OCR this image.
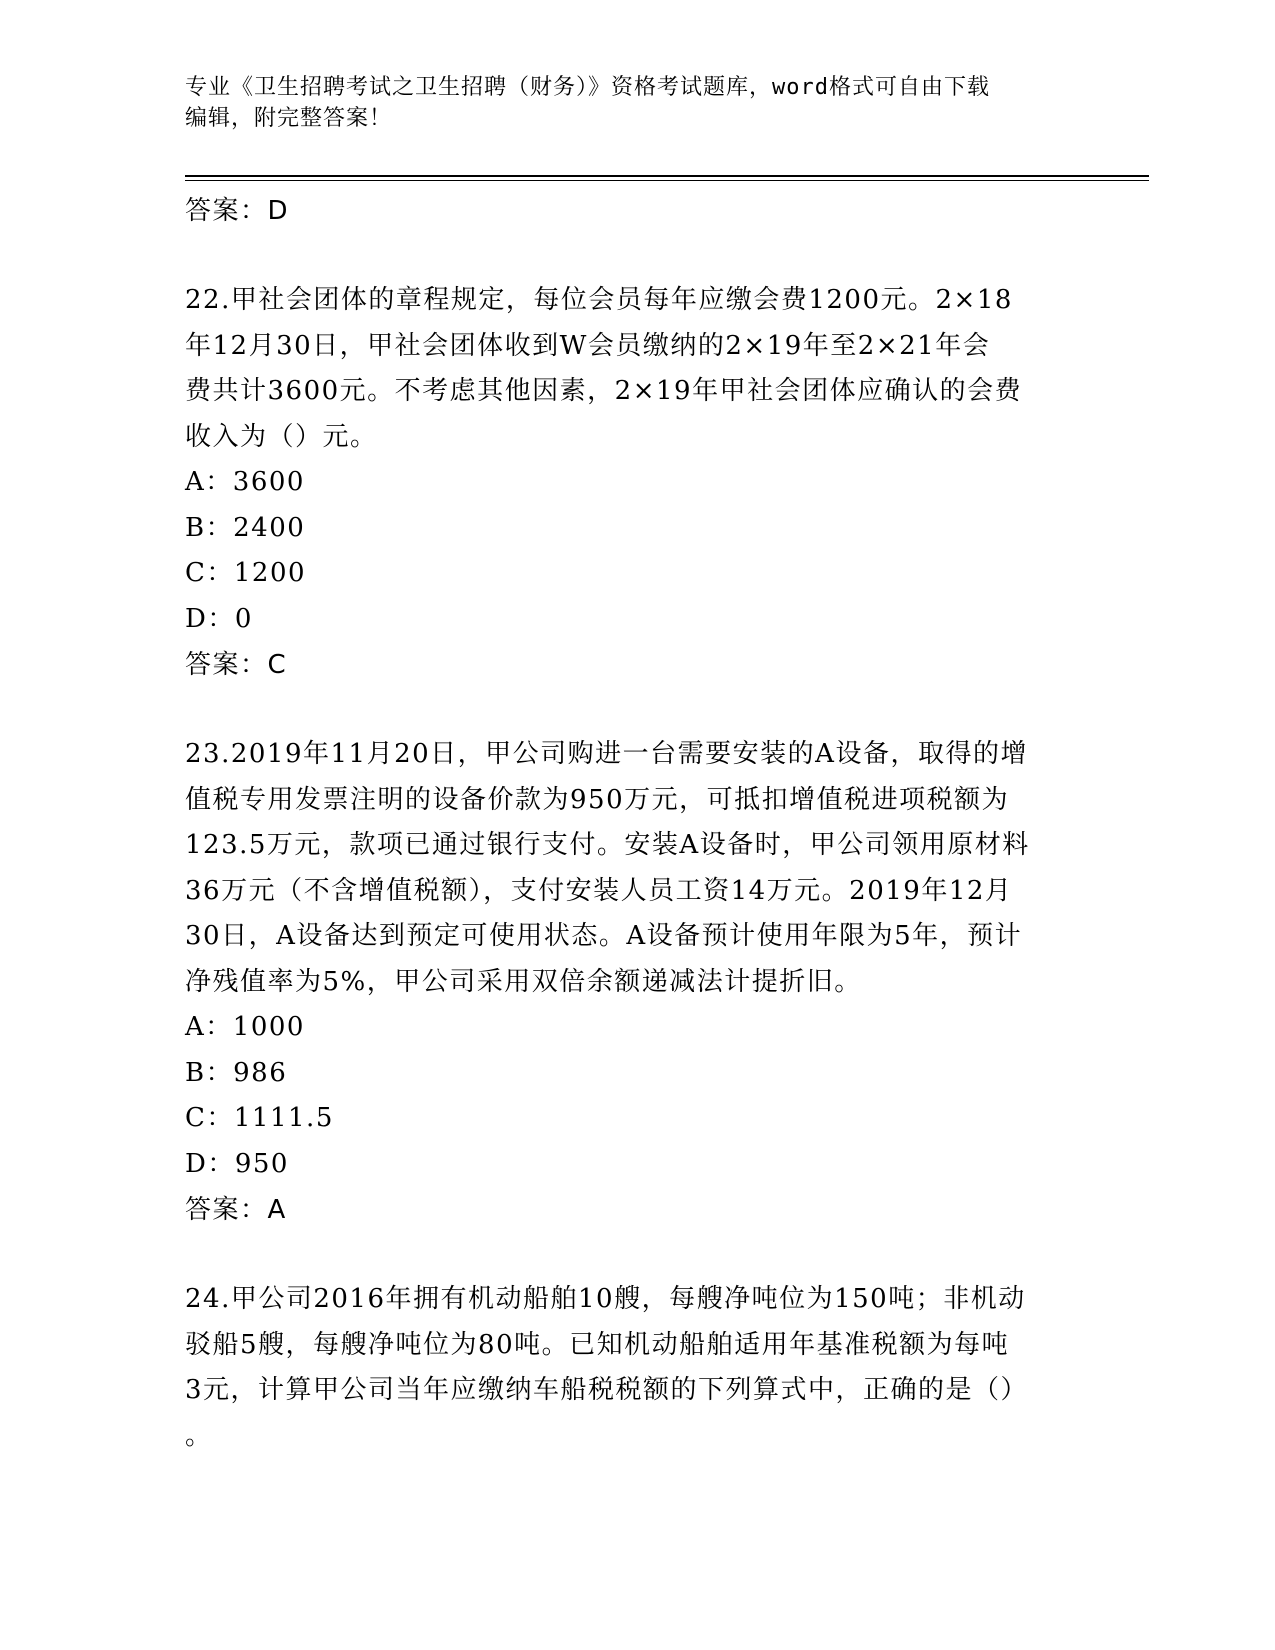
专业《卫生招聘考试之卫生招聘（财务）》资格考试题库，word格式可自由下载
编辑，附完整答案！
答案：D
22.甲社会团体的章程规定，每位会员每年应缴会费1200元。2×18
年12月30日，甲社会团体收到W会员缴纳的2×19年至2×21年会
费共计3600元。不考虑其他因素，2×19年甲社会团体应确认的会费
收入为（）元。
A：3600
B：2400
C：1200
D：0
答案：C
23.2019年11月20日，甲公司购进一台需要安装的A设备，取得的增
值税专用发票注明的设备价款为950万元，可抵扣增值税进项税额为
123.5万元，款项已通过银行支付。安装A设备时，甲公司领用原材料
36万元（不含增值税额），支付安装人员工资14万元。2019年12月
30日，A设备达到预定可使用状态。A设备预计使用年限为5年，预计
净残值率为5%，甲公司采用双倍余额递减法计提折旧。
A：1000
B：986
C：1111.5
D：950
答案：A
24.甲公司2016年拥有机动船舶10艘，每艘净吨位为150吨；非机动
驳船5艘，每艘净吨位为80吨。已知机动船舶适用年基准税额为每吨
3元，计算甲公司当年应缴纳车船税税额的下列算式中，正确的是（）
。
